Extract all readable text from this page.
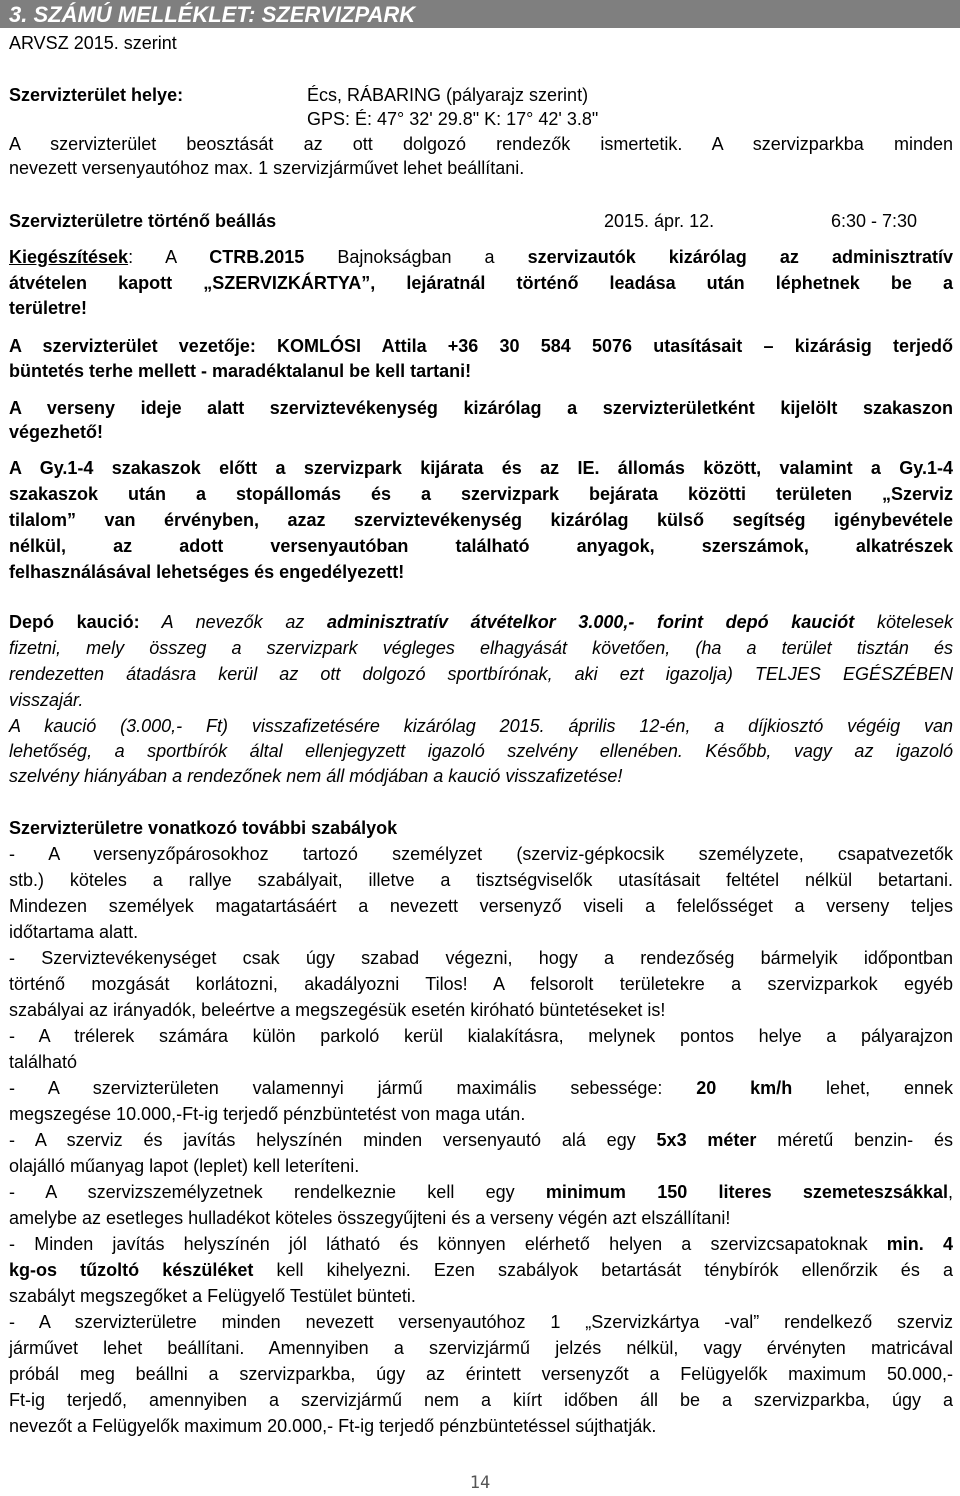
3. SZÁMÚ MELLÉKLET: SZERVIZPARK
ARVSZ 2015. szerint
Szervizterület helye:	Écs, RÁBARING (pályarajz szerint)
GPS: É: 47° 32' 29.8" K: 17° 42' 3.8"
A szervizterület beosztását az ott dolgozó rendezők ismertetik. A szervizparkba minden
nevezett versenyautóhoz max. 1 szervizjárművet lehet beállítani.
Szervizterületre történő beállás	2015. ápr. 12.	6:30 - 7:30
Kiegészítések: A CTRB.2015 Bajnokságban a szervizautók kizárólag az adminisztratív
átvételen kapott „SZERVIZKÁRTYA”, lejáratnál történő leadása után léphetnek be a
területre!
A szervizterület vezetője: KOMLÓSI Attila +36 30 584 5076 utasításait – kizárásig terjedő
büntetés terhe mellett - maradéktalanul be kell tartani!
A verseny ideje alatt szerviztevékenység kizárólag a szervizterületként kijelölt szakaszon
végezhető!
A Gy.1-4 szakaszok előtt a szervizpark kijárata és az IE. állomás között, valamint a Gy.1-4
szakaszok után a stopállomás és a szervizpark bejárata közötti területen „Szerviz
tilalom” van érvényben, azaz szerviztevékenység kizárólag külső segítség igénybevétele
nélkül, az adott versenyautóban található anyagok, szerszámok, alkatrészek
felhasználásával lehetséges és engedélyezett!
Depó kaució: A nevezők az adminisztratív átvételkor 3.000,- forint depó kauciót kötelesek
fizetni, mely összeg a szervizpark végleges elhagyását követően, (ha a terület tisztán és
rendezetten átadásra kerül az ott dolgozó sportbírónak, aki ezt igazolja) TELJES EGÉSZÉBEN
visszajár.
A kaució (3.000,- Ft) visszafizetésére kizárólag 2015. április 12-én, a díjkiosztó végéig van
lehetőség, a sportbírók által ellenjegyzett igazoló szelvény ellenében. Később, vagy az igazoló
szelvény hiányában a rendezőnek nem áll módjában a kaució visszafizetése!
Szervizterületre vonatkozó további szabályok
- A versenyzőpárosokhoz tartozó személyzet (szerviz-gépkocsik személyzete, csapatvezetők
stb.) köteles a rallye szabályait, illetve a tisztségviselők utasításait feltétel nélkül betartani.
Mindezen személyek magatartásáért a nevezett versenyző viseli a felelősséget a verseny teljes
időtartama alatt.
- Szerviztevékenységet csak úgy szabad végezni, hogy a rendezőség bármelyik időpontban
történő mozgását korlátozni, akadályozni Tilos! A felsorolt területekre a szervizparkok egyéb
szabályai az irányadók, beleértve a megszegésük esetén kiróható büntetéseket is!
- A trélerek számára külön parkoló kerül kialakításra, melynek pontos helye a pályarajzon
található
- A szervizterületen valamennyi jármű maximális sebessége: 20 km/h lehet, ennek
megszegése 10.000,-Ft-ig terjedő pénzbüntetést von maga után.
- A szerviz és javítás helyszínén minden versenyautó alá egy 5x3 méter méretű benzin- és
olajálló műanyag lapot (leplet) kell leteríteni.
- A szervizszemélyzetnek rendelkeznie kell egy minimum 150 literes szemeteszsákkal,
amelybe az esetleges hulladékot köteles összegyűjteni és a verseny végén azt elszállítani!
- Minden javítás helyszínén jól látható és könnyen elérhető helyen a szervizcsapatoknak min. 4
kg-os tűzoltó készüléket kell kihelyezni. Ezen szabályok betartását ténybírók ellenőrzik és a
szabályt megszegőket a Felügyelő Testület bünteti.
- A szervizterületre minden nevezett versenyautóhoz 1 „Szervizkártya -val” rendelkező szerviz
járművet lehet beállítani. Amennyiben a szervizjármű jelzés nélkül, vagy érvényten matricával
próbál meg beállni a szervizparkba, úgy az érintett versenyzőt a Felügyelők maximum 50.000,-
Ft-ig terjedő, amennyiben a szervizjármű nem a kiírt időben áll be a szervizparkba, úgy a
nevezőt a Felügyelők maximum 20.000,- Ft-ig terjedő pénzbüntetéssel sújthatják.
14
